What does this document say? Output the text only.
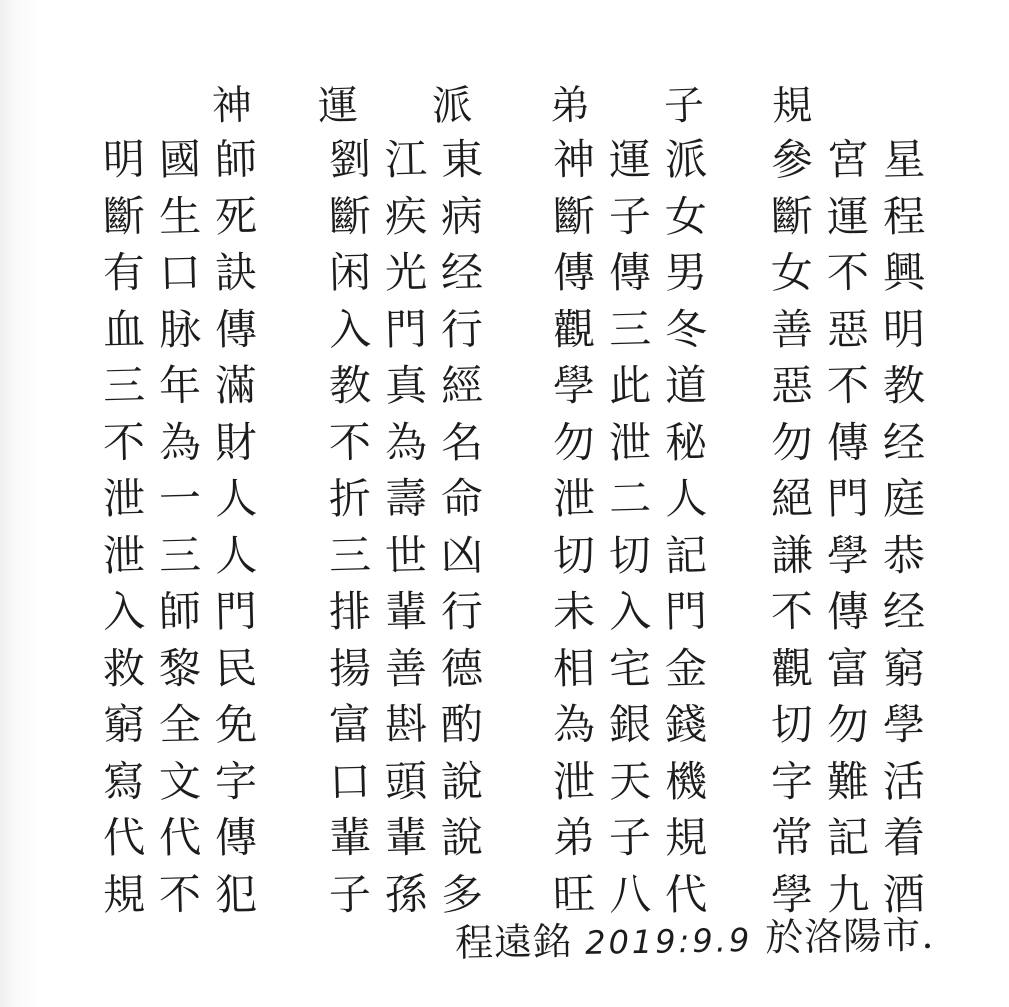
神 運 派 弟 子 規
明 國 師 劉 江 東 神 運 派 參 宮 星
斷 生 死 斷 疾 病 斷 子 女 斷 運 程
有 口 訣 闲 光 经 傳 傳 男 女 不 興
血 脉 傳 入 門 行 觀 三 冬 善 惡 明
三 年 滿 教 真 經 學 此 道 惡 不 教
不 為 財 不 為 名 勿 泄 秘 勿 傳 经
泄 一 人 折 壽 命 泄 二 人 絕 門 庭
泄 三 人 三 世 凶 切 切 記 謙 學 恭
入 師 門 排 輩 行 未 入 門 不 傳 经
救 黎 民 揚 善 德 相 宅 金 觀 富 窮
窮 全 免 富 斟 酌 為 銀 錢 切 勿 學
寫 文 字 口 頭 說 泄 天 機 字 難 活
代 代 傳 輩 輩 說 弟 子 規 常 記 着
規 不 犯 子 孫 多 旺 八 代 學 九 酒
程遠銘 2019:9.9 於洛陽市.
